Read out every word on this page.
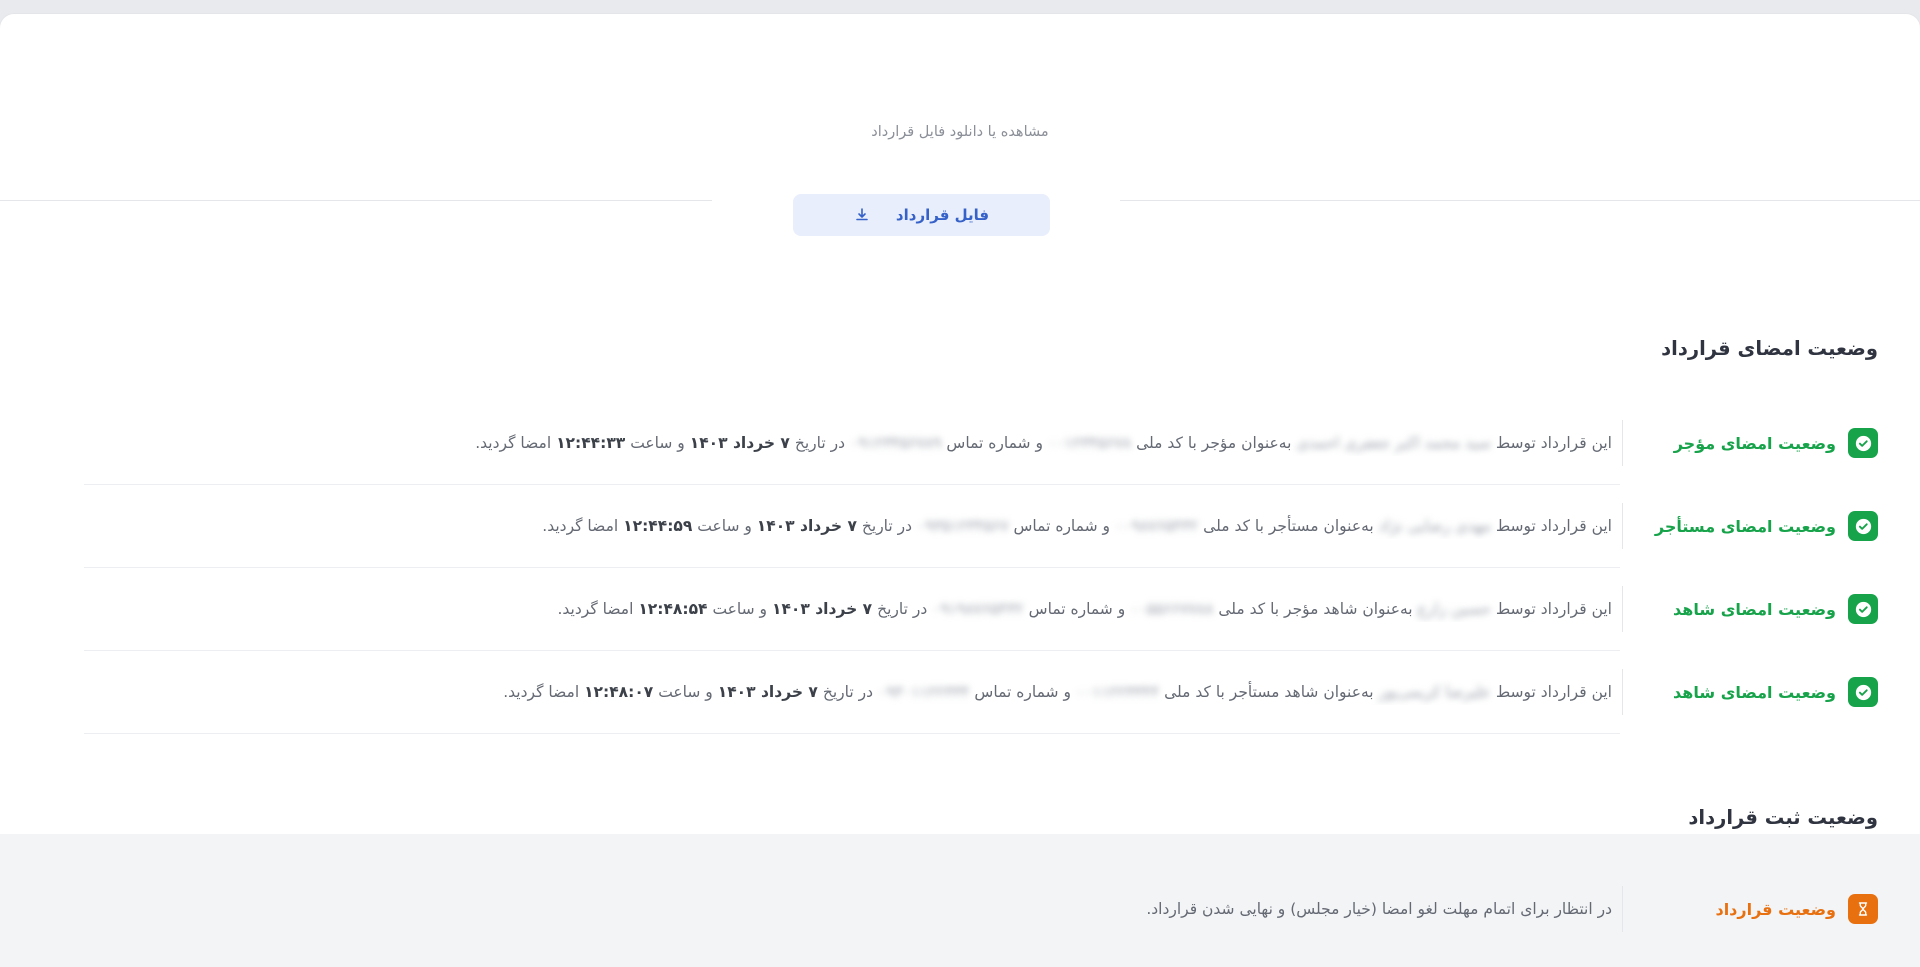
مشاهده یا دانلود فایل قرارداد
فایل قرارداد
وضعیت امضای قرارداد
وضعیت امضای مؤجر
این قرارداد توسط سید محمد اکبر جعفری احمدی به‌عنوان مؤجر با کد ملی ۰۰۱۲۳۴۵۶۷۸ و شماره تماس ۰۹۱۲۳۴۵۶۷۸۹ در تاریخ ۷ خرداد ۱۴۰۳ و ساعت ۱۲:۴۴:۳۳ امضا گردید.
وضعیت امضای مستأجر
این قرارداد توسط مهدی رضایی نژاد به‌عنوان مستأجر با کد ملی ۰۰۹۸۷۶۵۴۳۲ و شماره تماس ۰۹۳۵۱۲۳۴۵۶۷ در تاریخ ۷ خرداد ۱۴۰۳ و ساعت ۱۲:۴۴:۵۹ امضا گردید.
وضعیت امضای شاهد
این قرارداد توسط حسین زارع به‌عنوان شاهد مؤجر با کد ملی ۰۰۵۵۶۶۷۷۸۸ و شماره تماس ۰۹۱۹۸۷۶۵۴۳۲ در تاریخ ۷ خرداد ۱۴۰۳ و ساعت ۱۲:۴۸:۵۴ امضا گردید.
وضعیت امضای شاهد
این قرارداد توسط علیرضا کریمی‌پور به‌عنوان شاهد مستأجر با کد ملی ۰۰۱۱۲۲۳۳۴۴ و شماره تماس ۰۹۳۰۱۱۲۲۳۳۴ در تاریخ ۷ خرداد ۱۴۰۳ و ساعت ۱۲:۴۸:۰۷ امضا گردید.
وضعیت ثبت قرارداد
وضعیت قرارداد
در انتظار برای اتمام مهلت لغو امضا (خیار مجلس) و نهایی شدن قرارداد.
